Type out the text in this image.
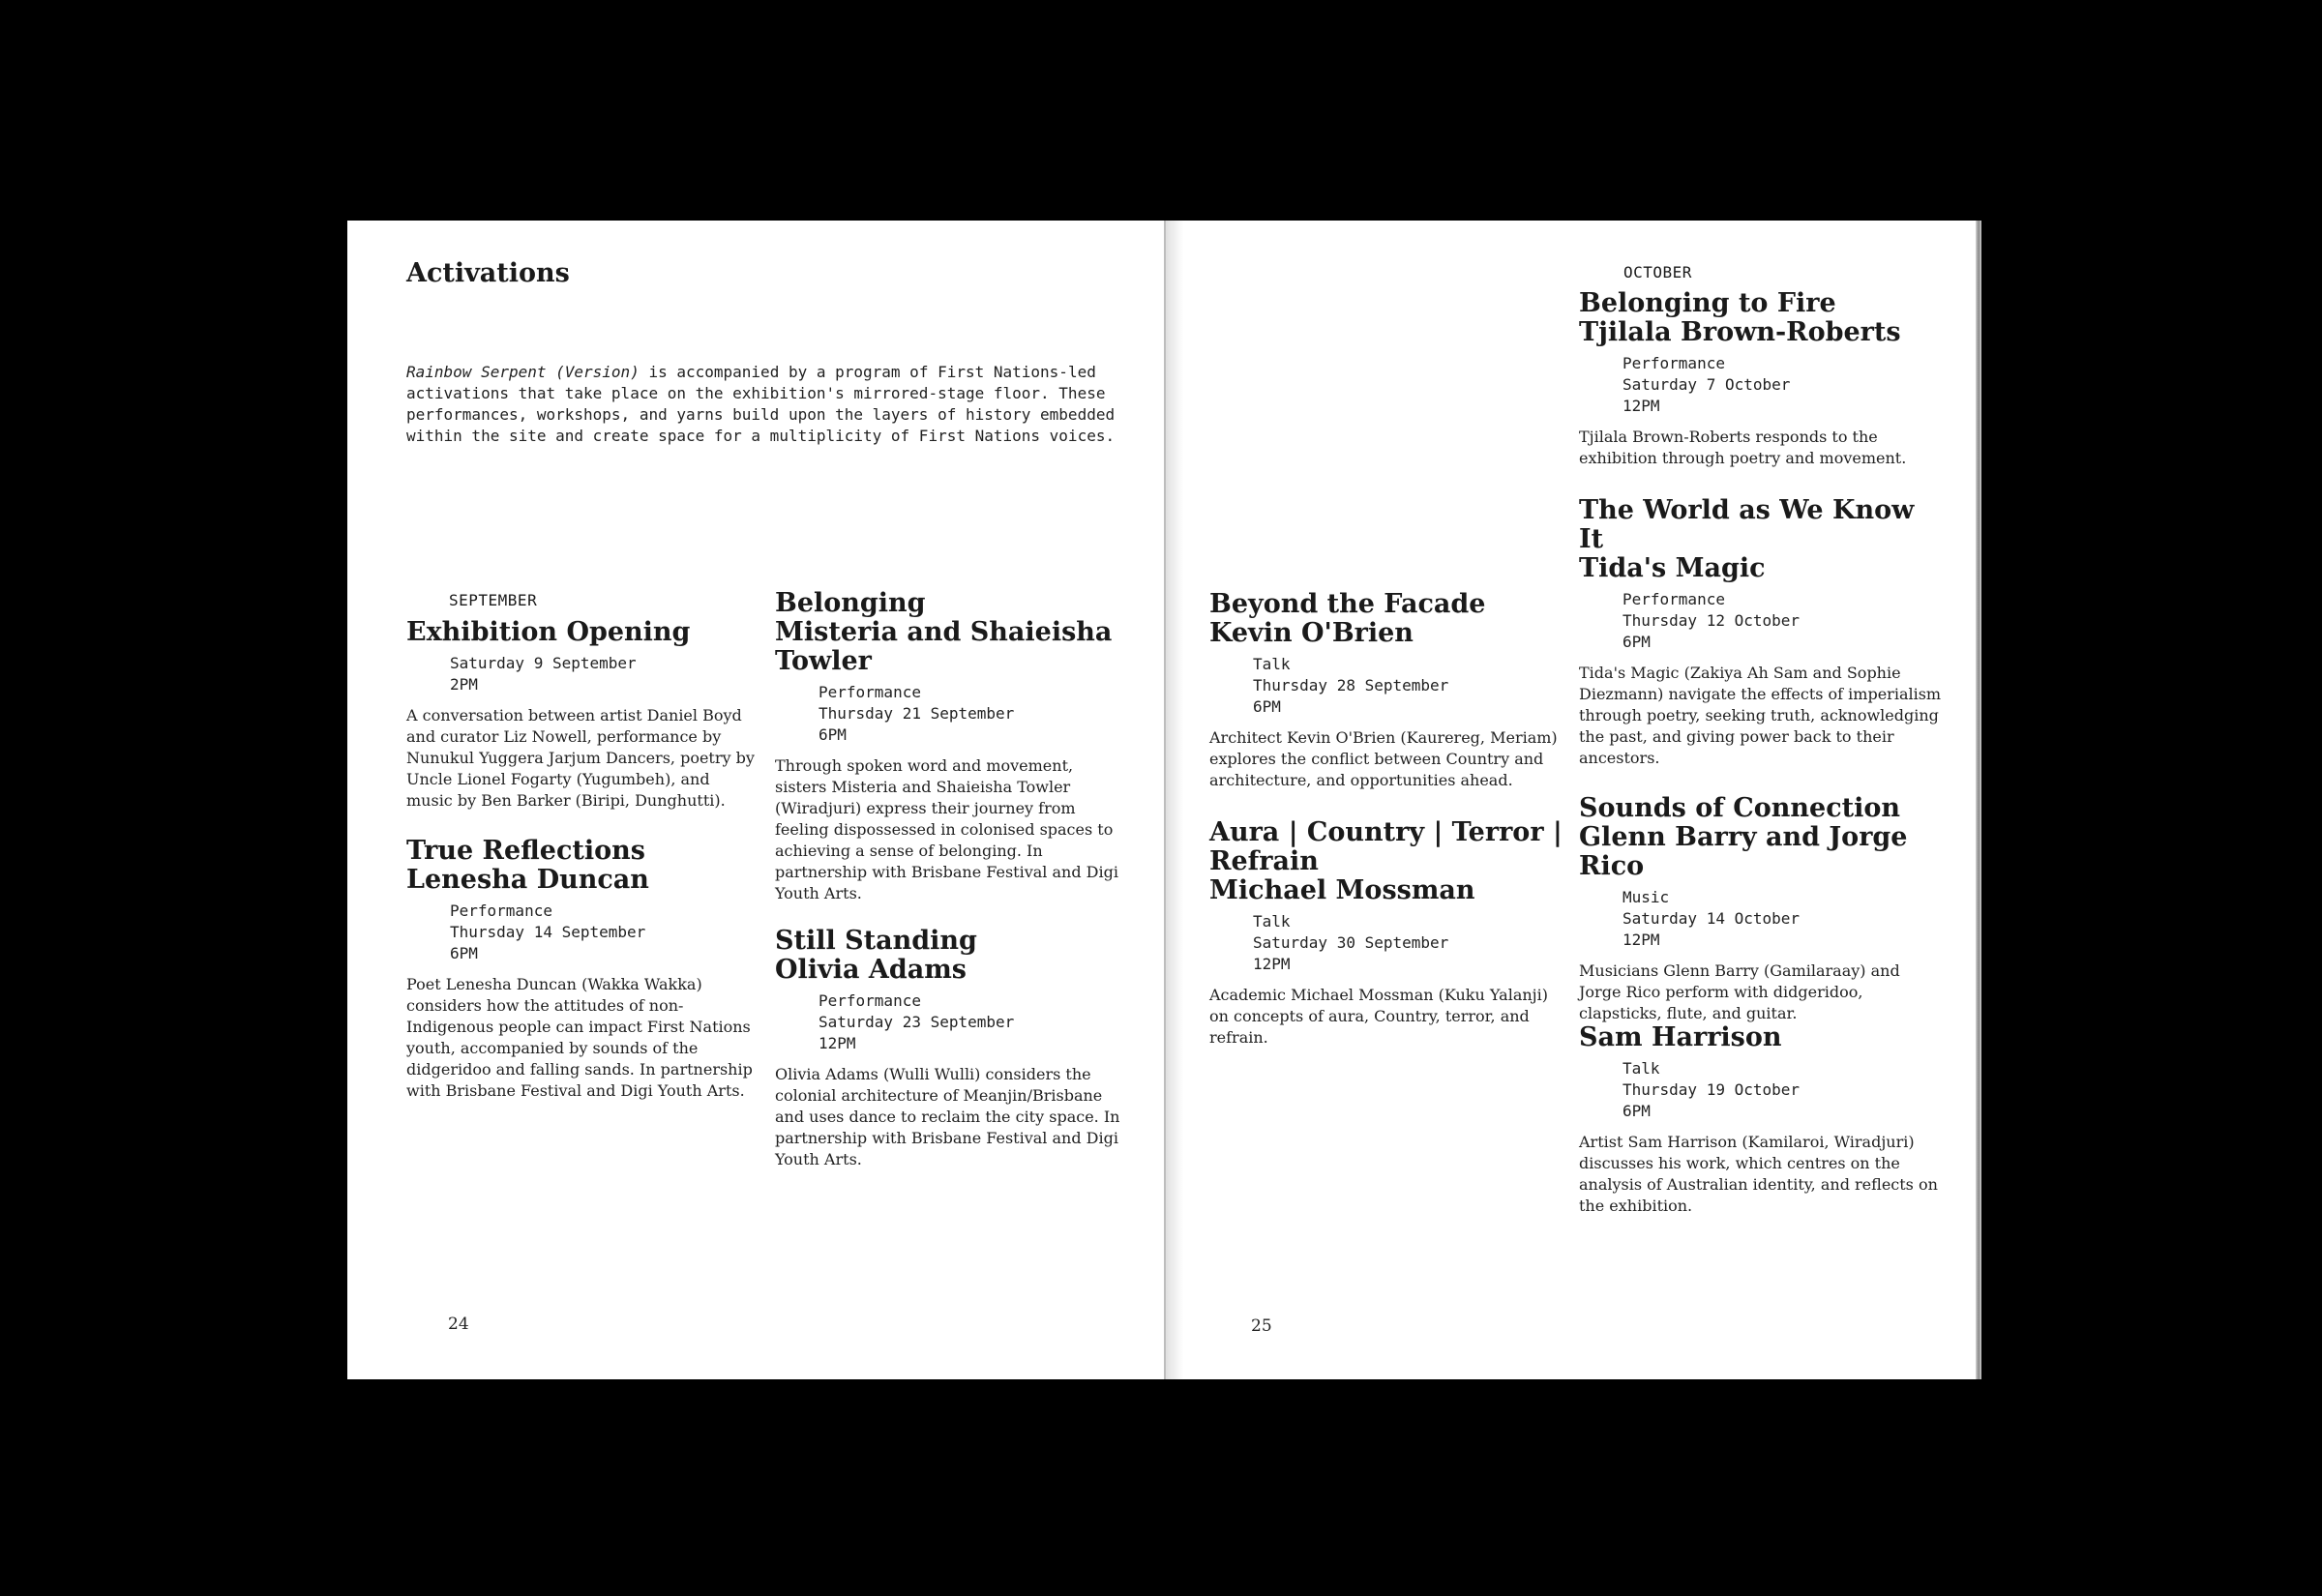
Activations

Rainbow Serpent (Version) is accompanied by a program of First Nations-led activations that take place on the exhibition's mirrored-stage floor. These performances, workshops, and yarns build upon the layers of history embedded within the site and create space for a multiplicity of First Nations voices.

SEPTEMBER
Exhibition Opening
Saturday 9 September
2PM

A conversation between artist Daniel Boyd and curator Liz Nowell, performance by Nunukul Yuggera Jarjum Dancers, poetry by Uncle Lionel Fogarty (Yugumbeh), and music by Ben Barker (Biripi, Dunghutti).

True Reflections
Lenesha Duncan
Performance
Thursday 14 September
6PM

Poet Lenesha Duncan (Wakka Wakka) considers how the attitudes of non-Indigenous people can impact First Nations youth, accompanied by sounds of the didgeridoo and falling sands. In partnership with Brisbane Festival and Digi Youth Arts.

Belonging
Misteria and Shaieisha
Towler
Performance
Thursday 21 September
6PM

Through spoken word and movement, sisters Misteria and Shaieisha Towler (Wiradjuri) express their journey from feeling dispossessed in colonised spaces to achieving a sense of belonging. In partnership with Brisbane Festival and Digi Youth Arts.

Still Standing
Olivia Adams
Performance
Saturday 23 September
12PM

Olivia Adams (Wulli Wulli) considers the colonial architecture of Meanjin/Brisbane and uses dance to reclaim the city space. In partnership with Brisbane Festival and Digi Youth Arts.

24
OCTOBER
Beyond the Facade
Kevin O'Brien
Talk
Thursday 28 September
6PM

Architect Kevin O'Brien (Kaurereg, Meriam) explores the conflict between Country and architecture, and opportunities ahead.

Aura | Country | Terror |
Refrain
Michael Mossman
Talk
Saturday 30 September
12PM

Academic Michael Mossman (Kuku Yalanji) on concepts of aura, Country, terror, and refrain.

Belonging to Fire
Tjilala Brown-Roberts
Performance
Saturday 7 October
12PM

Tjilala Brown-Roberts responds to the exhibition through poetry and movement.

The World as We Know It
Tida's Magic
Performance
Thursday 12 October
6PM

Tida's Magic (Zakiya Ah Sam and Sophie Diezmann) navigate the effects of imperialism through poetry, seeking truth, acknowledging the past, and giving power back to their ancestors.

Sounds of Connection
Glenn Barry and Jorge Rico
Music
Saturday 14 October
12PM

Musicians Glenn Barry (Gamilaraay) and Jorge Rico perform with didgeridoo, clapsticks, flute, and guitar.

Sam Harrison
Talk
Thursday 19 October
6PM

Artist Sam Harrison (Kamilaroi, Wiradjuri) discusses his work, which centres on the analysis of Australian identity, and reflects on the exhibition.

25
